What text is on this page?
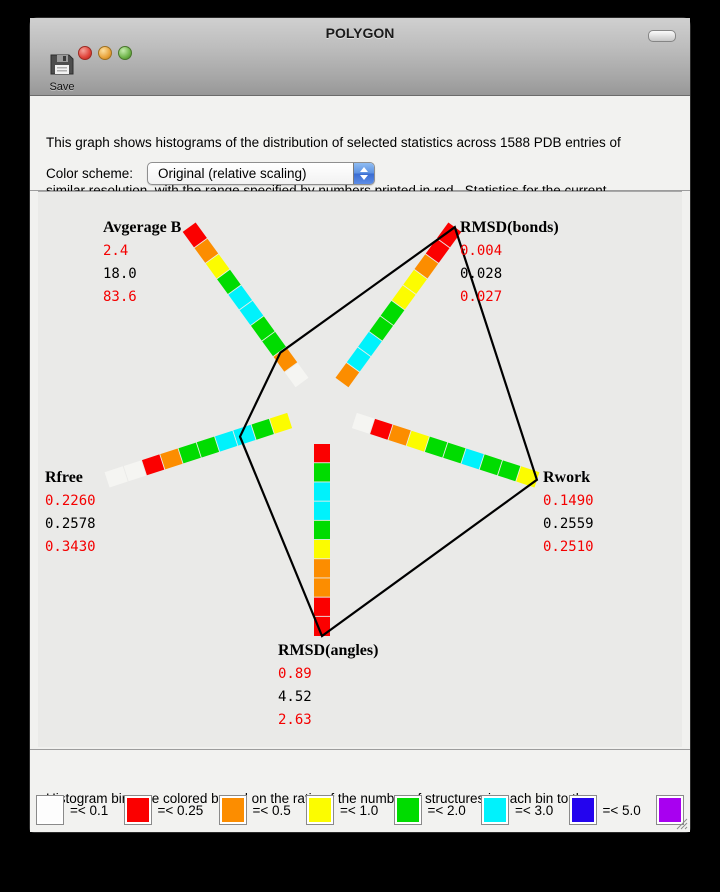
POLYGON
Save

This graph shows histograms of the distribution of selected statistics across 1588 PDB entries of

Color scheme: Original (relative scaling)
Avgerage B
2.4
18.0
83.6
RMSD(bonds)
0.004
0.028
0.027
Rwork
0.1490
0.2559
0.2510
RMSD(angles)
0.89
4.52
2.63
Rfree
0.2260
0.2578
0.3430

Histogram   colored  on the   the number  structures  each bin to

average number per bin:

=< 0.1	=< 0.25	=< 0.5	=< 1.0	=< 2.0	=< 3.0	=< 5.0
